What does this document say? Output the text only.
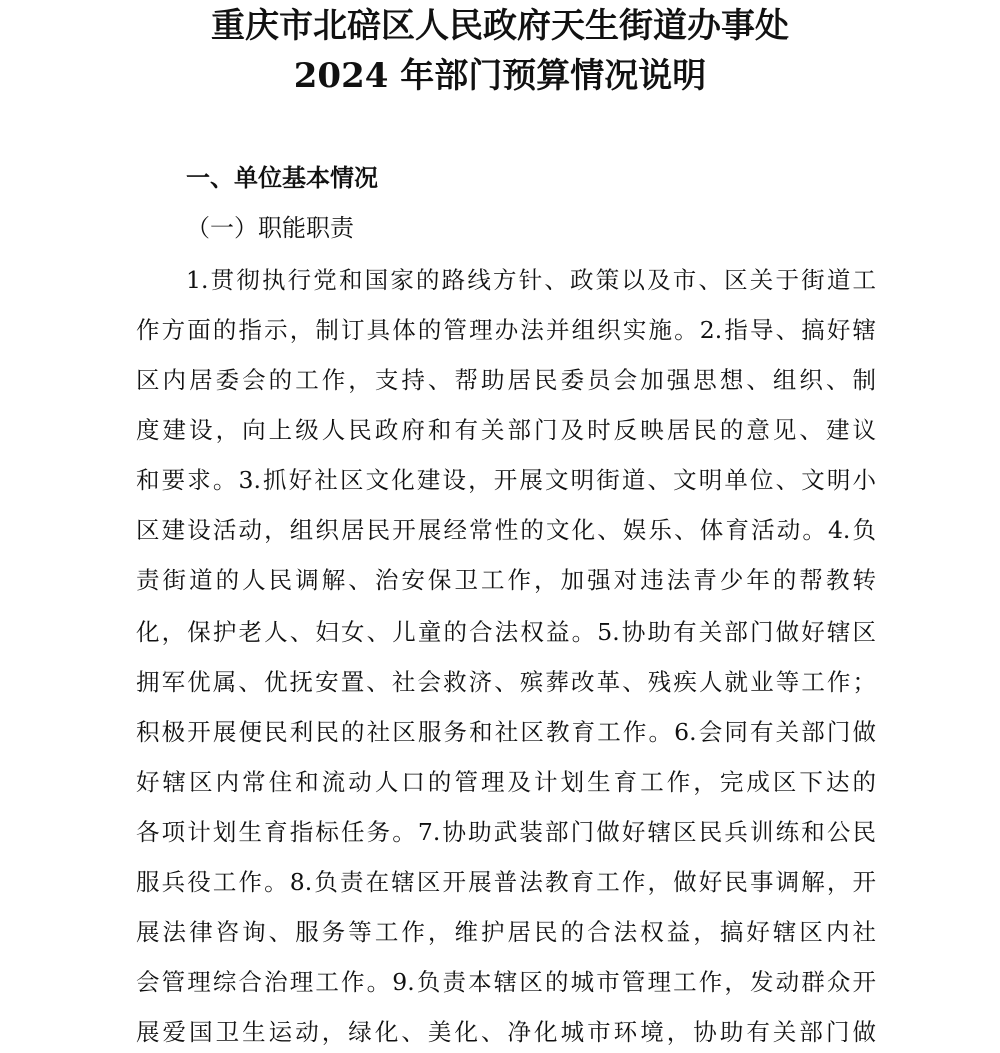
重庆市北碚区人民政府天生街道办事处
2024 年部门预算情况说明
一、单位基本情况
（一）职能职责
1.贯彻执行党和国家的路线方针、政策以及市、区关于街道工
作方面的指示，制订具体的管理办法并组织实施。2.指导、搞好辖
区内居委会的工作，支持、帮助居民委员会加强思想、组织、制
度建设，向上级人民政府和有关部门及时反映居民的意见、建议
和要求。3.抓好社区文化建设，开展文明街道、文明单位、文明小
区建设活动，组织居民开展经常性的文化、娱乐、体育活动。4.负
责街道的人民调解、治安保卫工作，加强对违法青少年的帮教转
化，保护老人、妇女、儿童的合法权益。5.协助有关部门做好辖区
拥军优属、优抚安置、社会救济、殡葬改革、残疾人就业等工作；
积极开展便民利民的社区服务和社区教育工作。6.会同有关部门做
好辖区内常住和流动人口的管理及计划生育工作，完成区下达的
各项计划生育指标任务。7.协助武装部门做好辖区民兵训练和公民
服兵役工作。8.负责在辖区开展普法教育工作，做好民事调解，开
展法律咨询、服务等工作，维护居民的合法权益，搞好辖区内社
会管理综合治理工作。9.负责本辖区的城市管理工作，发动群众开
展爱国卫生运动，绿化、美化、净化城市环境，协助有关部门做
